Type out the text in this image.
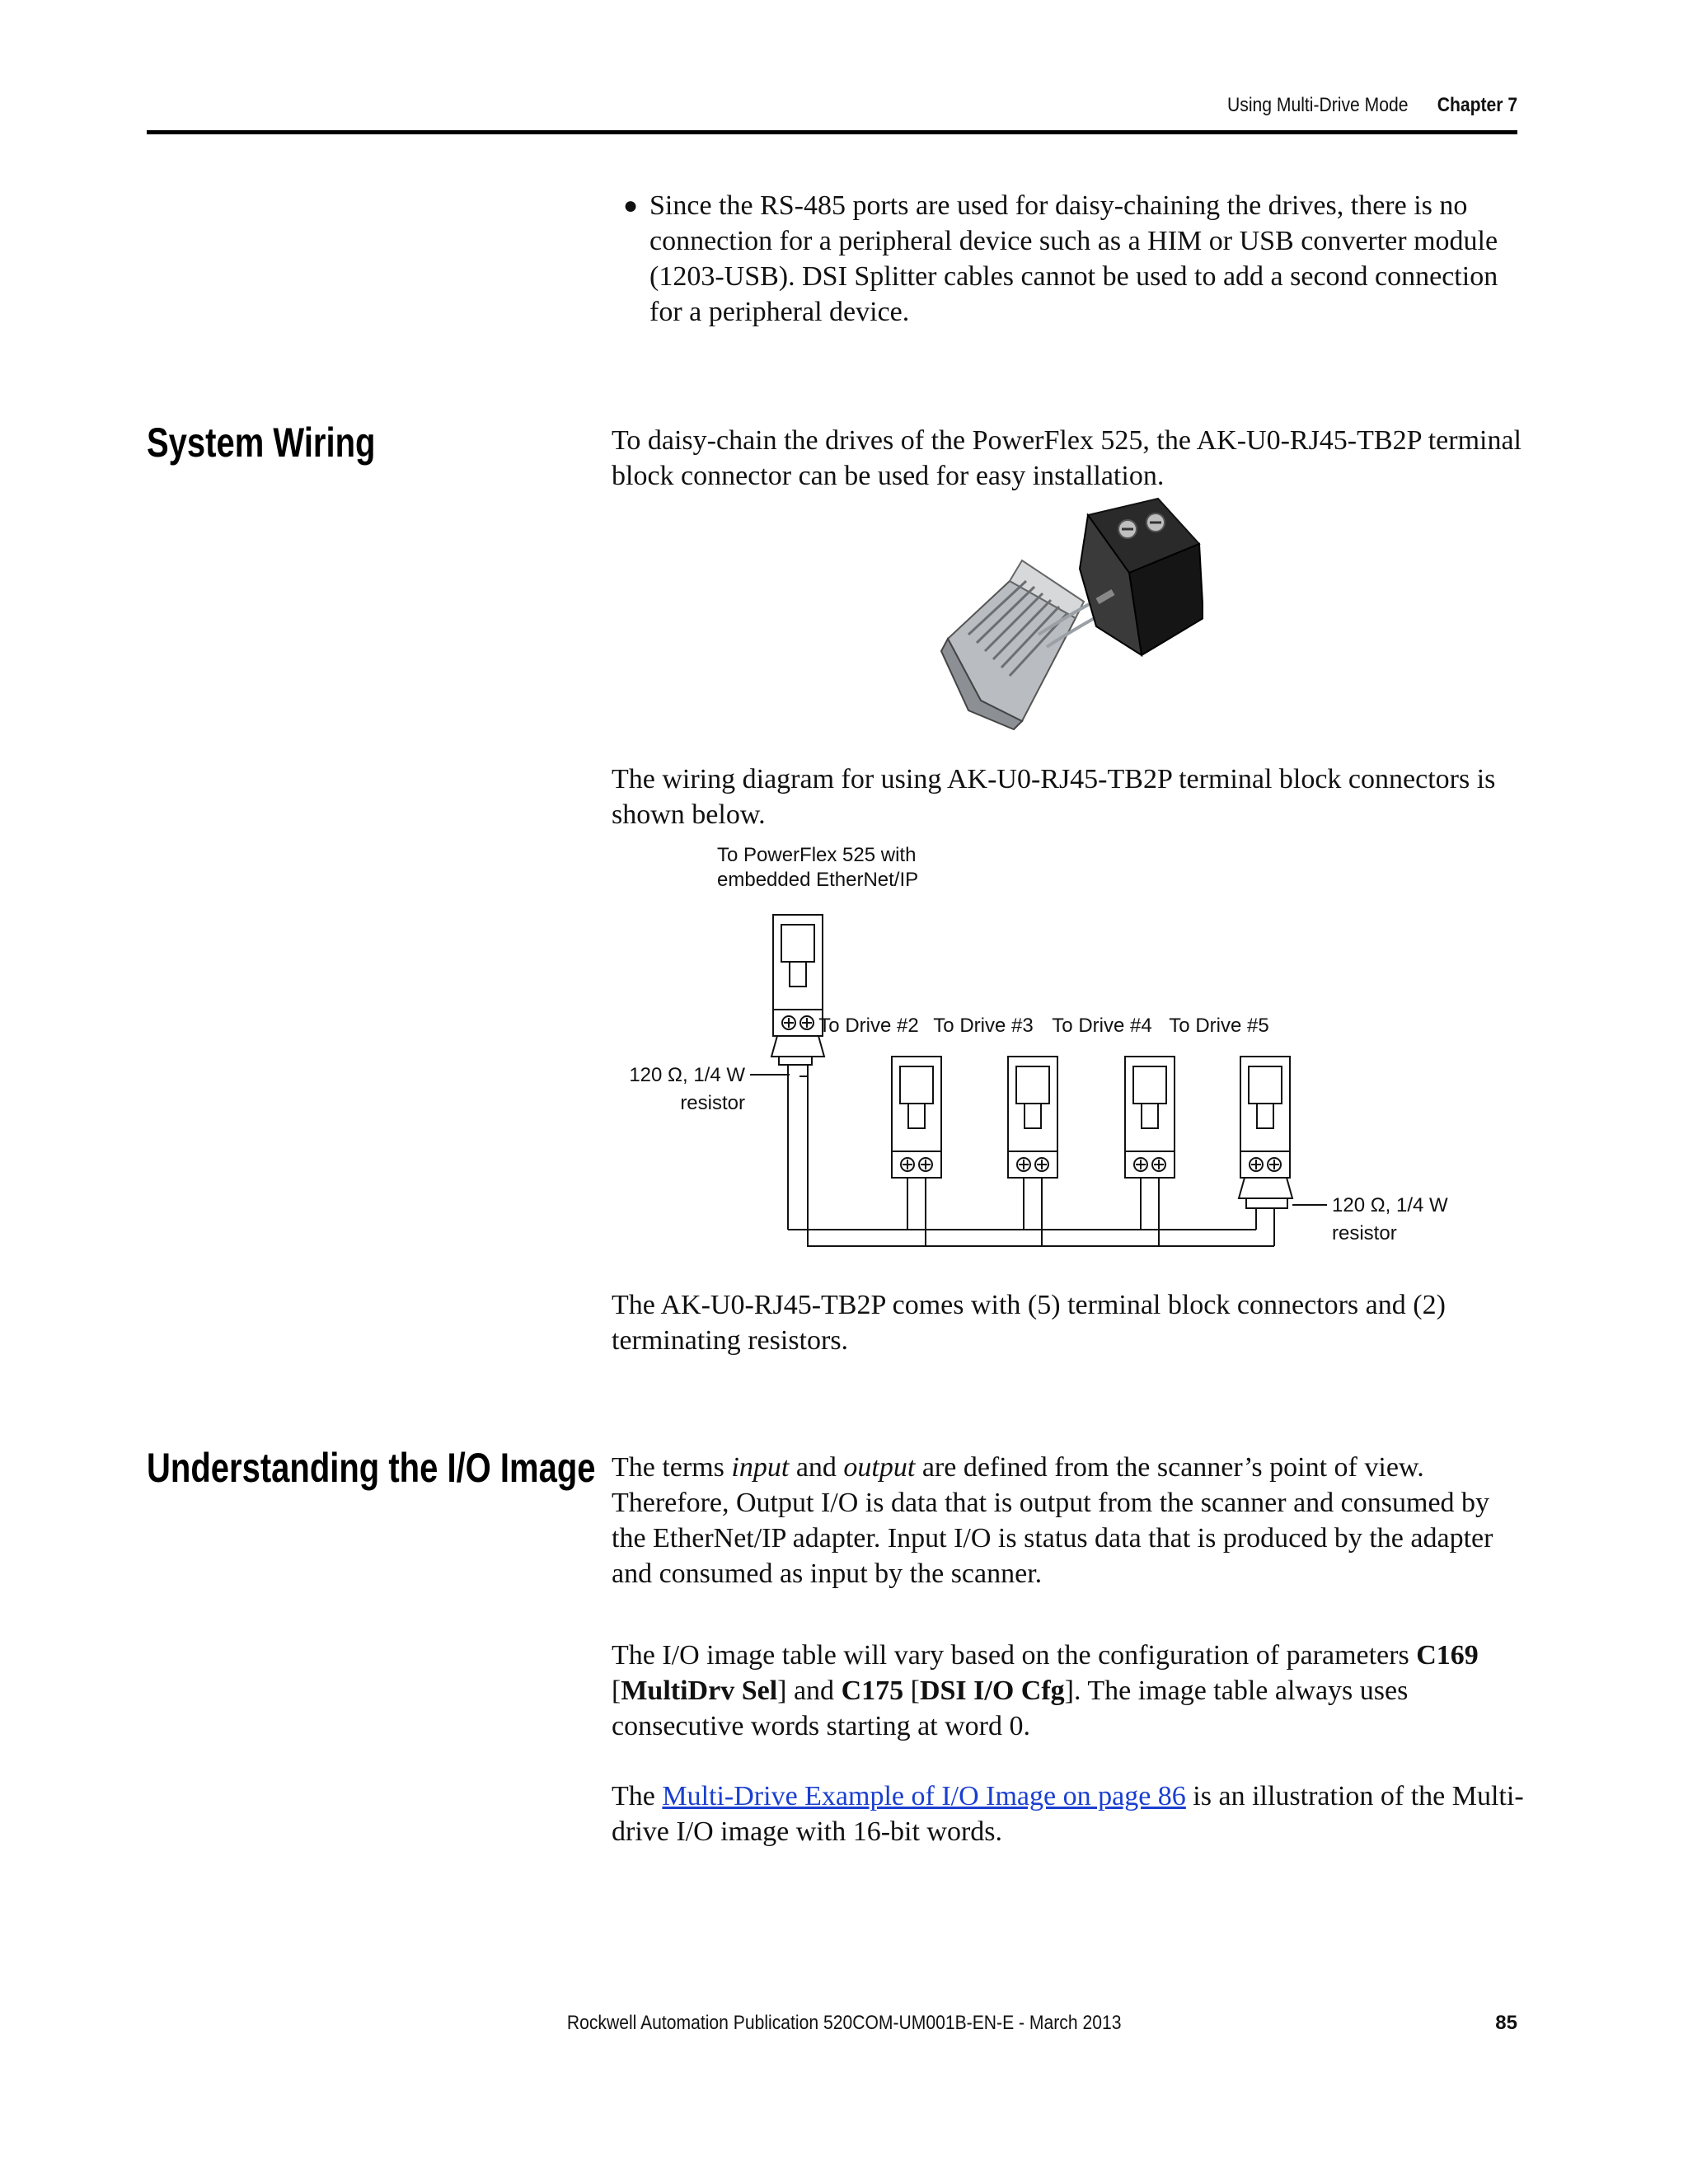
Using Multi-Drive Mode Chapter 7
● Since the RS-485 ports are used for daisy-chaining the drives, there is no connection for a peripheral device such as a HIM or USB converter module (1203-USB). DSI Splitter cables cannot be used to add a second connection for a peripheral device.
System Wiring	To daisy-chain the drives of the PowerFlex 525, the AK-U0-RJ45-TB2P terminal block connector can be used for easy installation.

The wiring diagram for using AK-U0-RJ45-TB2P terminal block connectors is shown below.

To PowerFlex 525 with
embedded EtherNet/IP
To Drive #2 To Drive #3 To Drive #4 To Drive #5
120 Ω, 1/4 W
resistor
120 Ω, 1/4 W
resistor

The AK-U0-RJ45-TB2P comes with (5) terminal block connectors and (2) terminating resistors.

Understanding the I/O Image The terms input and output are defined from the scanner’s point of view. Therefore, Output I/O is data that is output from the scanner and consumed by the EtherNet/IP adapter. Input I/O is status data that is produced by the adapter and consumed as input by the scanner.

The I/O image table will vary based on the configuration of parameters C169 [MultiDrv Sel] and C175 [DSI I/O Cfg]. The image table always uses consecutive words starting at word 0.

The Multi-Drive Example of I/O Image on page 86 is an illustration of the Multi-drive I/O image with 16-bit words.

Rockwell Automation Publication 520COM-UM001B-EN-E - March 2013	85
